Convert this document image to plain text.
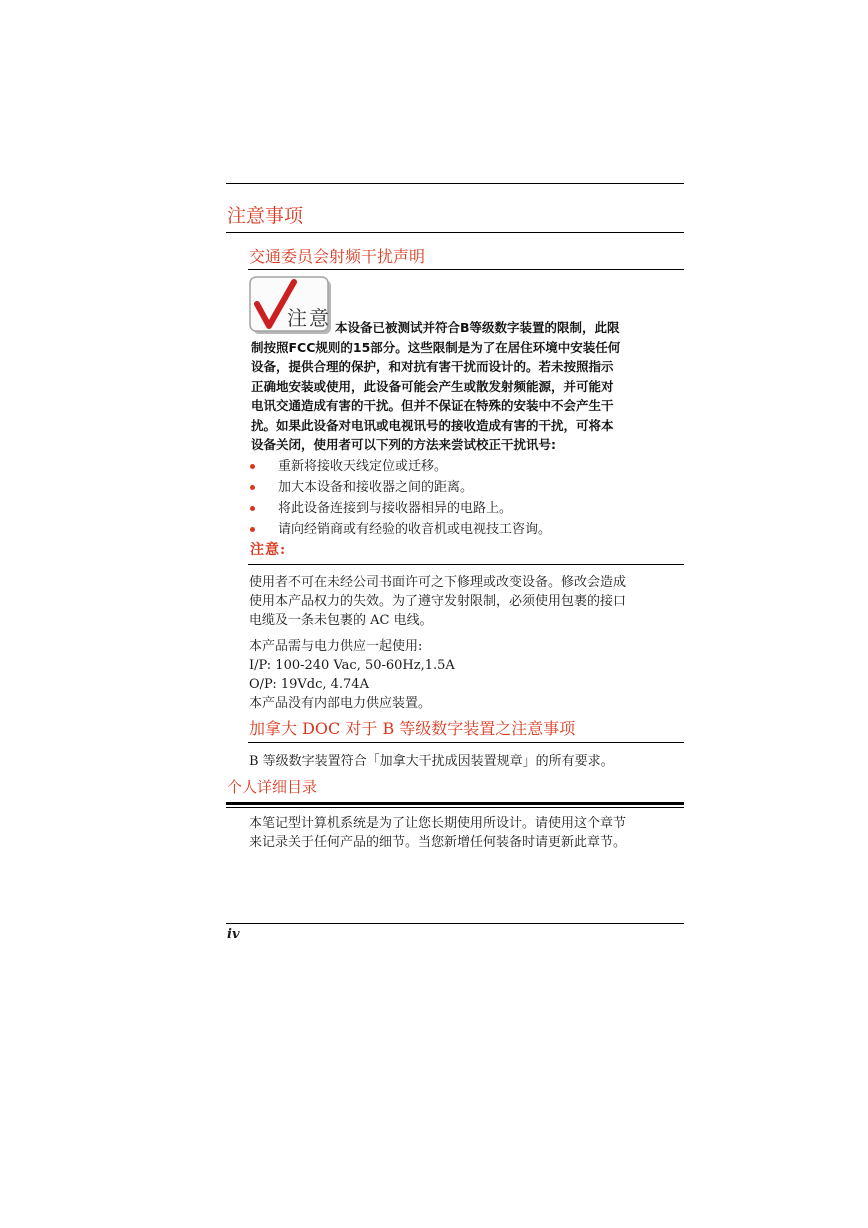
注意事项
交通委员会射频干扰声明
注意 本设备已被测试并符合B等级数字装置的限制，此限
制按照FCC规则的15部分。这些限制是为了在居住环境中安装任何
设备，提供合理的保护，和对抗有害干扰而设计的。若未按照指示
正确地安装或使用，此设备可能会产生或散发射频能源，并可能对
电讯交通造成有害的干扰。但并不保证在特殊的安装中不会产生干
扰。如果此设备对电讯或电视讯号的接收造成有害的干扰，可将本
设备关闭，使用者可以下列的方法来尝试校正干扰讯号:
重新将接收天线定位或迁移。
加大本设备和接收器之间的距离。
将此设备连接到与接收器相异的电路上。
请向经销商或有经验的收音机或电视技工咨询。
注意:
使用者不可在未经公司书面许可之下修理或改变设备。修改会造成
使用本产品权力的失效。为了遵守发射限制，必须使用包裹的接口
电缆及一条未包裹的 AC 电线。
本产品需与电力供应一起使用:
I/P: 100-240 Vac, 50-60Hz,1.5A
O/P: 19Vdc, 4.74A
本产品没有内部电力供应装置。
加拿大 DOC 对于 B 等级数字装置之注意事项
B 等级数字装置符合「加拿大干扰成因装置规章」的所有要求。
个人详细目录
本笔记型计算机系统是为了让您长期使用所设计。请使用这个章节
来记录关于任何产品的细节。当您新增任何装备时请更新此章节。
iv
